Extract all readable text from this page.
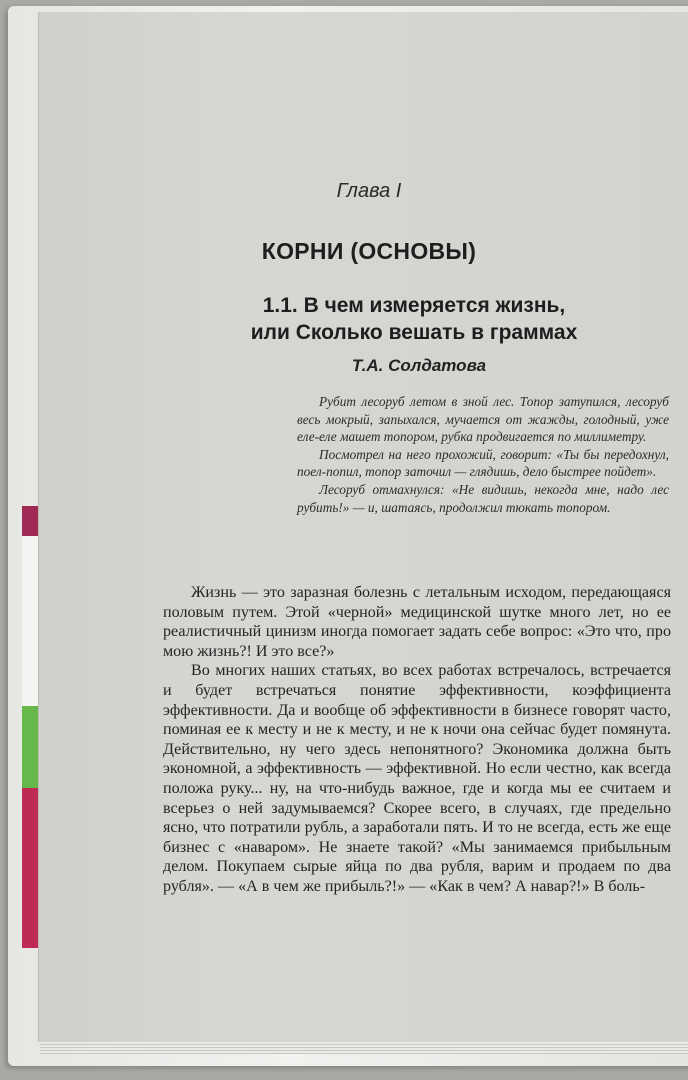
Глава I
КОРНИ (ОСНОВЫ)
1.1. В чем измеряется жизнь,
или Сколько вешать в граммах
Т.А. Солдатова

Рубит лесоруб летом в зной лес. Топор затупился, лесоруб весь мокрый, запыхался, мучается от жажды, голодный, уже еле-еле машет топором, рубка продвигается по миллиметру.

Посмотрел на него прохожий, говорит: «Ты бы передохнул, поел-попил, топор заточил — глядишь, дело быстрее пойдет».

Лесоруб отмахнулся: «Не видишь, некогда мне, надо лес рубить!» — и, шатаясь, продолжил тюкать топором.

Жизнь — это заразная болезнь с летальным исходом, передающаяся половым путем. Этой «черной» медицинской шутке много лет, но ее реалистичный цинизм иногда помогает задать себе вопрос: «Это что, про мою жизнь?! И это все?»

Во многих наших статьях, во всех работах встречалось, встречается и будет встречаться понятие эффективности, коэффициента эффективности. Да и вообще об эффективности в бизнесе говорят часто, поминая ее к месту и не к месту, и не к ночи она сейчас будет помянута. Действительно, ну чего здесь непонятного? Экономика должна быть экономной, а эффективность — эффективной. Но если честно, как всегда положа руку... ну, на что-нибудь важное, где и когда мы ее считаем и всерьез о ней задумываемся? Скорее всего, в случаях, где предельно ясно, что потратили рубль, а заработали пять. И то не всегда, есть же еще бизнес с «наваром». Не знаете такой? «Мы занимаемся прибыльным делом. Покупаем сырые яйца по два рубля, варим и продаем по два рубля». — «А в чем же прибыль?!» — «Как в чем? А навар?!» В боль-
